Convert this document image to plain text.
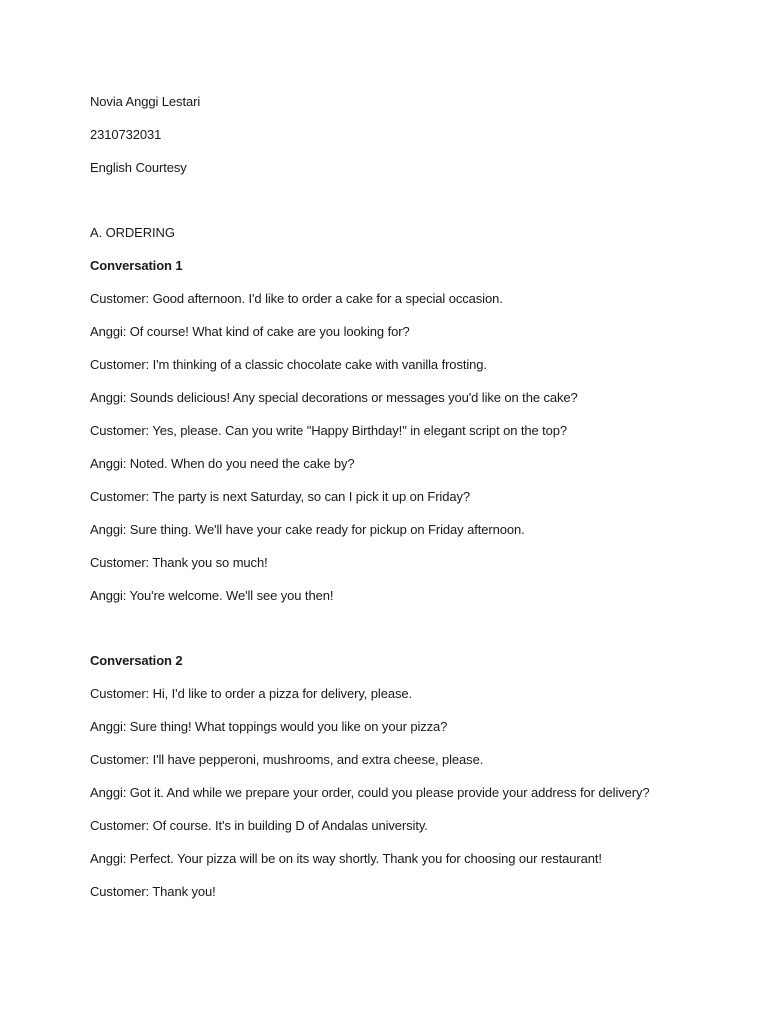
Novia Anggi Lestari
2310732031
English Courtesy
A. ORDERING
Conversation 1
Customer: Good afternoon. I'd like to order a cake for a special occasion.
Anggi: Of course! What kind of cake are you looking for?
Customer: I'm thinking of a classic chocolate cake with vanilla frosting.
Anggi: Sounds delicious! Any special decorations or messages you'd like on the cake?
Customer: Yes, please. Can you write "Happy Birthday!" in elegant script on the top?
Anggi: Noted. When do you need the cake by?
Customer: The party is next Saturday, so can I pick it up on Friday?
Anggi: Sure thing. We'll have your cake ready for pickup on Friday afternoon.
Customer: Thank you so much!
Anggi: You're welcome. We'll see you then!
Conversation 2
Customer: Hi, I'd like to order a pizza for delivery, please.
Anggi: Sure thing! What toppings would you like on your pizza?
Customer: I'll have pepperoni, mushrooms, and extra cheese, please.
Anggi: Got it. And while we prepare your order, could you please provide your address for delivery?
Customer: Of course. It's in building D of Andalas university.
Anggi: Perfect. Your pizza will be on its way shortly. Thank you for choosing our restaurant!
Customer: Thank you!
